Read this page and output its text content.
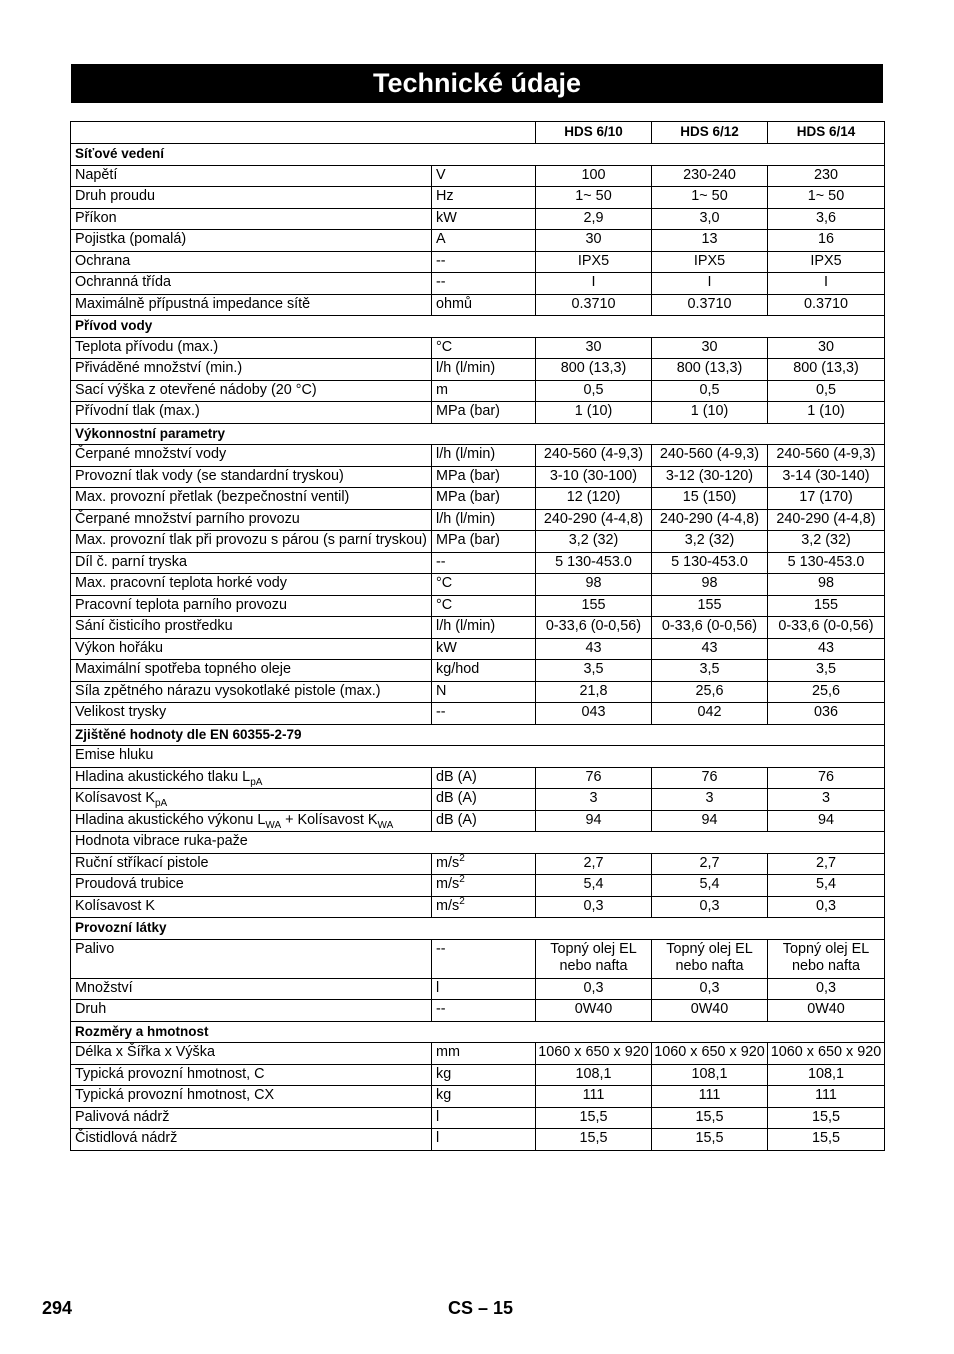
Technické údaje
		HDS 6/10	HDS 6/12	HDS 6/14
Síťové vedení				
Napětí	V	100	230-240	230
Druh proudu	Hz	1~ 50	1~ 50	1~ 50
Příkon	kW	2,9	3,0	3,6
Pojistka (pomalá)	A	30	13	16
Ochrana	--	IPX5	IPX5	IPX5
Ochranná třída	--	I	I	I
Maximálně přípustná impedance sítě	ohmů	0.3710	0.3710	0.3710
Přívod vody				
Teplota přívodu (max.)	°C	30	30	30
Přiváděné množství (min.)	l/h (l/min)	800 (13,3)	800 (13,3)	800 (13,3)
Sací výška z otevřené nádoby (20 °C)	m	0,5	0,5	0,5
Přívodní tlak (max.)	MPa (bar)	1 (10)	1 (10)	1 (10)
Výkonnostní parametry				
Čerpané množství vody	l/h (l/min)	240-560 (4-9,3)	240-560 (4-9,3)	240-560 (4-9,3)
Provozní tlak vody (se standardní tryskou)	MPa (bar)	3-10 (30-100)	3-12 (30-120)	3-14 (30-140)
Max. provozní přetlak (bezpečnostní ventil)	MPa (bar)	12 (120)	15 (150)	17 (170)
Čerpané množství parního provozu	l/h (l/min)	240-290 (4-4,8)	240-290 (4-4,8)	240-290 (4-4,8)
Max. provozní tlak při provozu s párou (s parní tryskou)	MPa (bar)	3,2 (32)	3,2 (32)	3,2 (32)
Díl č. parní tryska	--	5 130-453.0	5 130-453.0	5 130-453.0
Max. pracovní teplota horké vody	°C	98	98	98
Pracovní teplota parního provozu	°C	155	155	155
Sání čisticího prostředku	l/h (l/min)	0-33,6 (0-0,56)	0-33,6 (0-0,56)	0-33,6 (0-0,56)
Výkon hořáku	kW	43	43	43
Maximální spotřeba topného oleje	kg/hod	3,5	3,5	3,5
Síla zpětného nárazu vysokotlaké pistole (max.)	N	21,8	25,6	25,6
Velikost trysky	--	043	042	036
Zjištěné hodnoty dle EN 60355-2-79				
Emise hluku				
Hladina akustického tlaku $L_{pA}$	dB (A)	76	76	76
Kolísavost $K_{pA}$	dB (A)	3	3	3
Hladina akustického výkonu $L_{WA}$ + Kolísavost $K_{WA}$	dB (A)	94	94	94
Hodnota vibrace ruka-paže				
Ruční stříkací pistole	$m/s^2$	2,7	2,7	2,7
Proudová trubice	$m/s^2$	5,4	5,4	5,4
Kolísavost K	$m/s^2$	0,3	0,3	0,3
Provozní látky				
Palivo	--	Topný olej EL nebo nafta	Topný olej EL nebo nafta	Topný olej EL nebo nafta
Množství	l	0,3	0,3	0,3
Druh	--	0W40	0W40	0W40
Rozměry a hmotnost				
Délka x Šířka x Výška	mm	1060 x 650 x 920	1060 x 650 x 920	1060 x 650 x 920
Typická provozní hmotnost, C	kg	108,1	108,1	108,1
Typická provozní hmotnost, CX	kg	111	111	111
Palivová nádrž	l	15,5	15,5	15,5
Čistidlová nádrž	l	15,5	15,5	15,5
294	CS – 15
